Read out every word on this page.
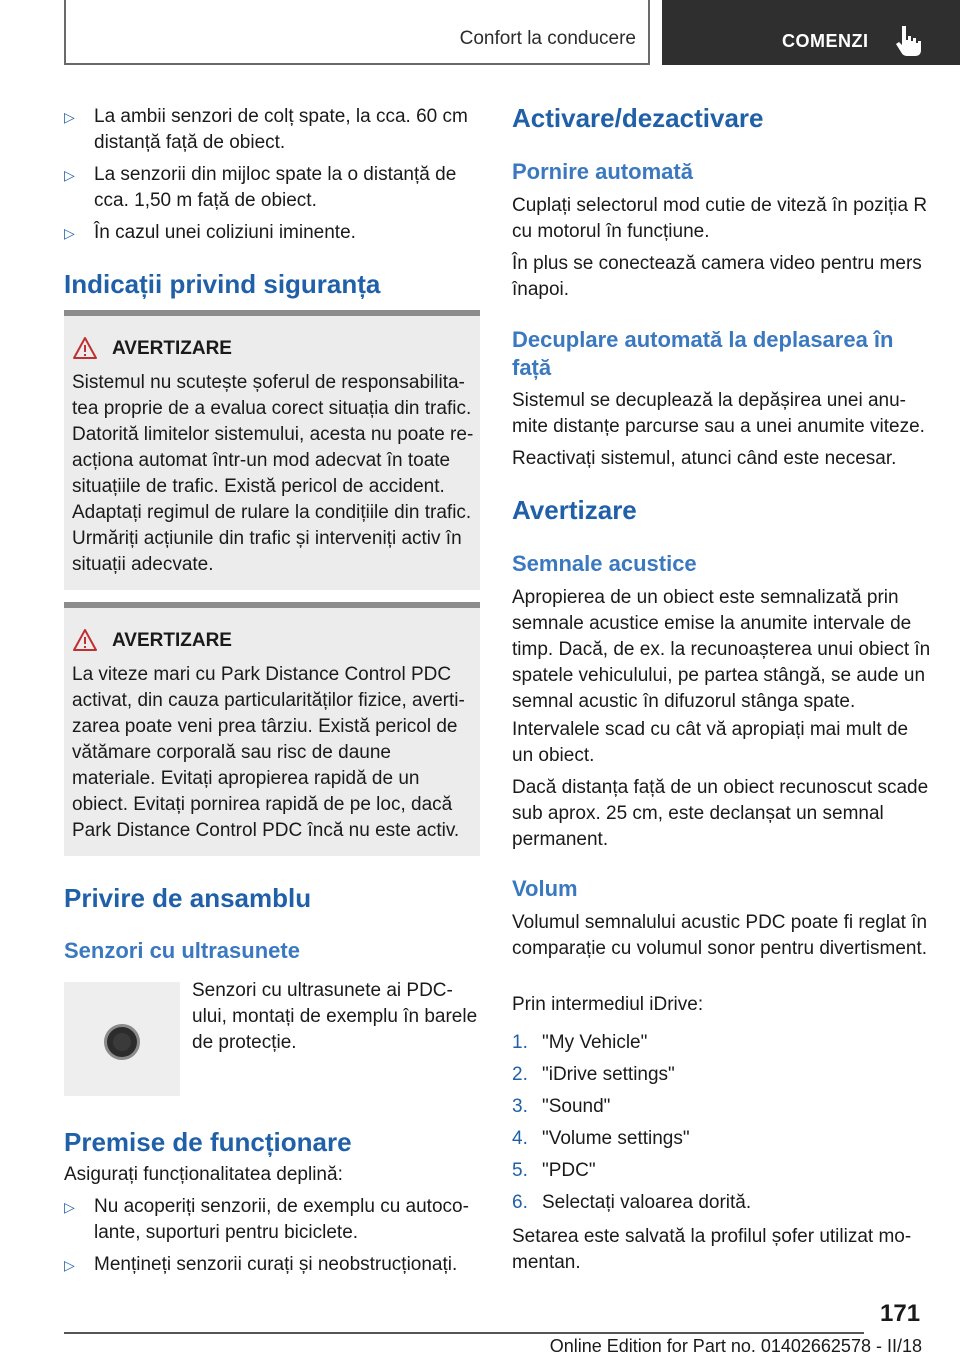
Confort la conducere	COMENZI
▷	La ambii senzori de colț spate, la cca. 60 cm distanță față de obiect.
▷	La senzorii din mijloc spate la o distanță de cca. 1,50 m față de obiect.
▷	În cazul unei coliziuni iminente.
Indicații privind siguranța
AVERTIZARE
Sistemul nu scutește șoferul de responsabilitatea proprie de a evalua corect situația din trafic. Datorită limitelor sistemului, acesta nu poate reacționa automat într-un mod adecvat în toate situațiile de trafic. Există pericol de accident. Adaptați regimul de rulare la condițiile din trafic. Urmăriți acțiunile din trafic și interveniți activ în situații adecvate.
AVERTIZARE
La viteze mari cu Park Distance Control PDC activat, din cauza particularităților fizice, avertizarea poate veni prea târziu. Există pericol de vătămare corporală sau risc de daune materiale. Evitați apropierea rapidă de un obiect. Evitați pornirea rapidă de pe loc, dacă Park Distance Control PDC încă nu este activ.
Privire de ansamblu
Senzori cu ultrasunete
Senzori cu ultrasunete ai PDC-ului, montați de exemplu în barele de protecție.
Premise de funcționare
Asigurați funcționalitatea deplină:
▷	Nu acoperiți senzorii, de exemplu cu autocolante, suporturi pentru biciclete.
▷	Mențineți senzorii curați și neobstrucționați.
Activare/dezactivare
Pornire automată
Cuplați selectorul mod cutie de viteză în poziția R cu motorul în funcțiune.
În plus se conectează camera video pentru mers înapoi.
Decuplare automată la deplasarea în față
Sistemul se decuplează la depășirea unei anumite distanțe parcurse sau a unei anumite viteze.
Reactivați sistemul, atunci când este necesar.
Avertizare
Semnale acustice
Apropierea de un obiect este semnalizată prin semnale acustice emise la anumite intervale de timp. Dacă, de ex. la recunoașterea unui obiect în spatele vehiculului, pe partea stângă, se aude un semnal acustic în difuzorul stânga spate.
Intervalele scad cu cât vă apropiați mai mult de un obiect.
Dacă distanța față de un obiect recunoscut scade sub aprox. 25 cm, este declanșat un semnal permanent.
Volum
Volumul semnalului acustic PDC poate fi reglat în comparație cu volumul sonor pentru divertisment.
Prin intermediul iDrive:
1. "My Vehicle"
2. "iDrive settings"
3. "Sound"
4. "Volume settings"
5. "PDC"
6. Selectați valoarea dorită.
Setarea este salvată la profilul șofer utilizat momentan.
171
Online Edition for Part no. 01402662578 - II/18
